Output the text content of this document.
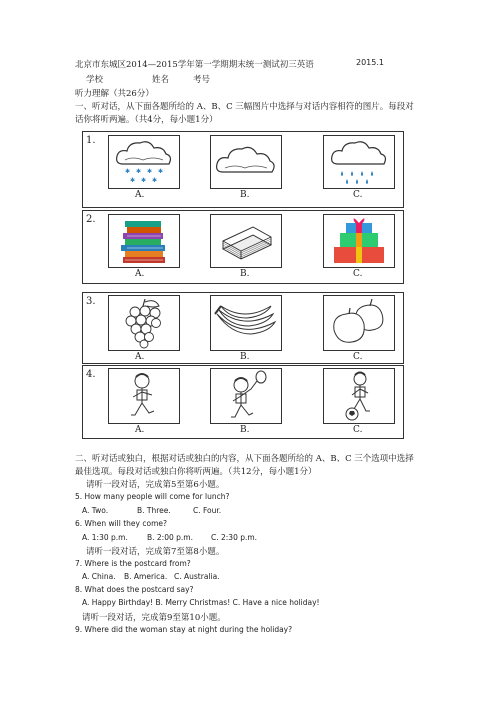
北京市东城区2014—2015学年第一学期期末统一测试初三英语	2015.1
学校	姓名	考号
听力理解（共26分）
一、听对话，从下面各题所给的 A、B、C 三幅图片中选择与对话内容相符的图片。每段对
话你将听两遍。（共4分，每小题1分）
1.
✱ ✱ ✱ ✱
✱ ✱ ✱
A.	B.	C.
2.
A.	B.	C.
3.
A.	B.	C.
4.
A.	B.	C.
二、听对话或独白，根据对话或独白的内容，从下面各题所给的 A、B、C 三个选项中选择
最佳选项。每段对话或独白你将听两遍。（共12分，每小题1分）
请听一段对话，完成第5至第6小题。
5. How many people will come for lunch?
A. Two.	B. Three.	C. Four.
6. When will they come?
A. 1:30 p.m.	B. 2:00 p.m. C. 2:30 p.m.
请听一段对话，完成第7至第8小题。
7. Where is the postcard from?
A. China. B. America. C. Australia.
8. What does the postcard say?
A. Happy Birthday! B. Merry Christmas! C. Have a nice holiday!
请听一段对话，完成第9至第10小题。
9. Where did the woman stay at night during the holiday?
